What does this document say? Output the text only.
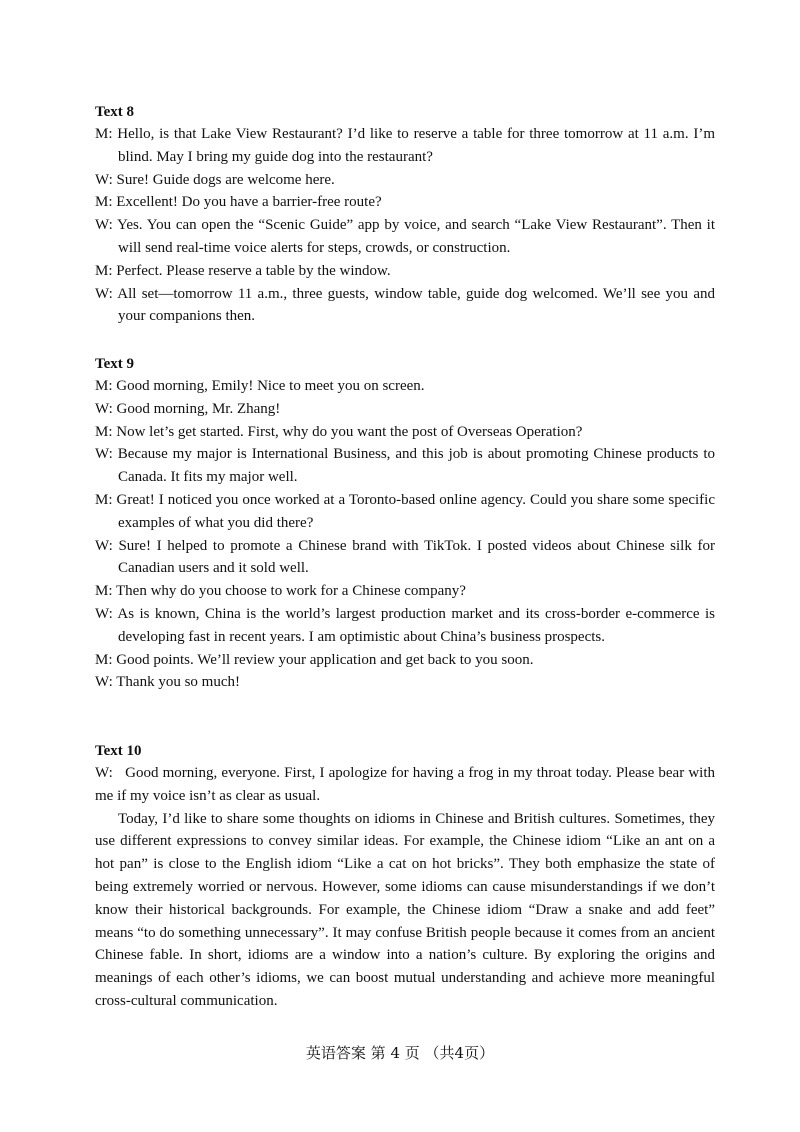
Text 8
M: Hello, is that Lake View Restaurant? I’d like to reserve a table for three tomorrow at 11 a.m. I’m blind. May I bring my guide dog into the restaurant?
W: Sure! Guide dogs are welcome here.
M: Excellent! Do you have a barrier-free route?
W: Yes. You can open the “Scenic Guide” app by voice, and search “Lake View Restaurant”. Then it will send real-time voice alerts for steps, crowds, or construction.
M: Perfect. Please reserve a table by the window.
W: All set—tomorrow 11 a.m., three guests, window table, guide dog welcomed. We’ll see you and your companions then.
Text 9
M: Good morning, Emily! Nice to meet you on screen.
W: Good morning, Mr. Zhang!
M: Now let’s get started. First, why do you want the post of Overseas Operation?
W: Because my major is International Business, and this job is about promoting Chinese products to Canada. It fits my major well.
M: Great! I noticed you once worked at a Toronto-based online agency. Could you share some specific examples of what you did there?
W: Sure! I helped to promote a Chinese brand with TikTok. I posted videos about Chinese silk for Canadian users and it sold well.
M: Then why do you choose to work for a Chinese company?
W: As is known, China is the world’s largest production market and its cross-border e-commerce is developing fast in recent years. I am optimistic about China’s business prospects.
M: Good points. We’ll review your application and get back to you soon.
W: Thank you so much!
Text 10
W: Good morning, everyone. First, I apologize for having a frog in my throat today. Please bear with me if my voice isn’t as clear as usual.
Today, I’d like to share some thoughts on idioms in Chinese and British cultures. Sometimes, they use different expressions to convey similar ideas. For example, the Chinese idiom “Like an ant on a hot pan” is close to the English idiom “Like a cat on hot bricks”. They both emphasize the state of being extremely worried or nervous. However, some idioms can cause misunderstandings if we don’t know their historical backgrounds. For example, the Chinese idiom “Draw a snake and add feet” means “to do something unnecessary”. It may confuse British people because it comes from an ancient Chinese fable. In short, idioms are a window into a nation’s culture. By exploring the origins and meanings of each other’s idioms, we can boost mutual understanding and achieve more meaningful cross-cultural communication.
英语答案 第 4 页 （共4页）
